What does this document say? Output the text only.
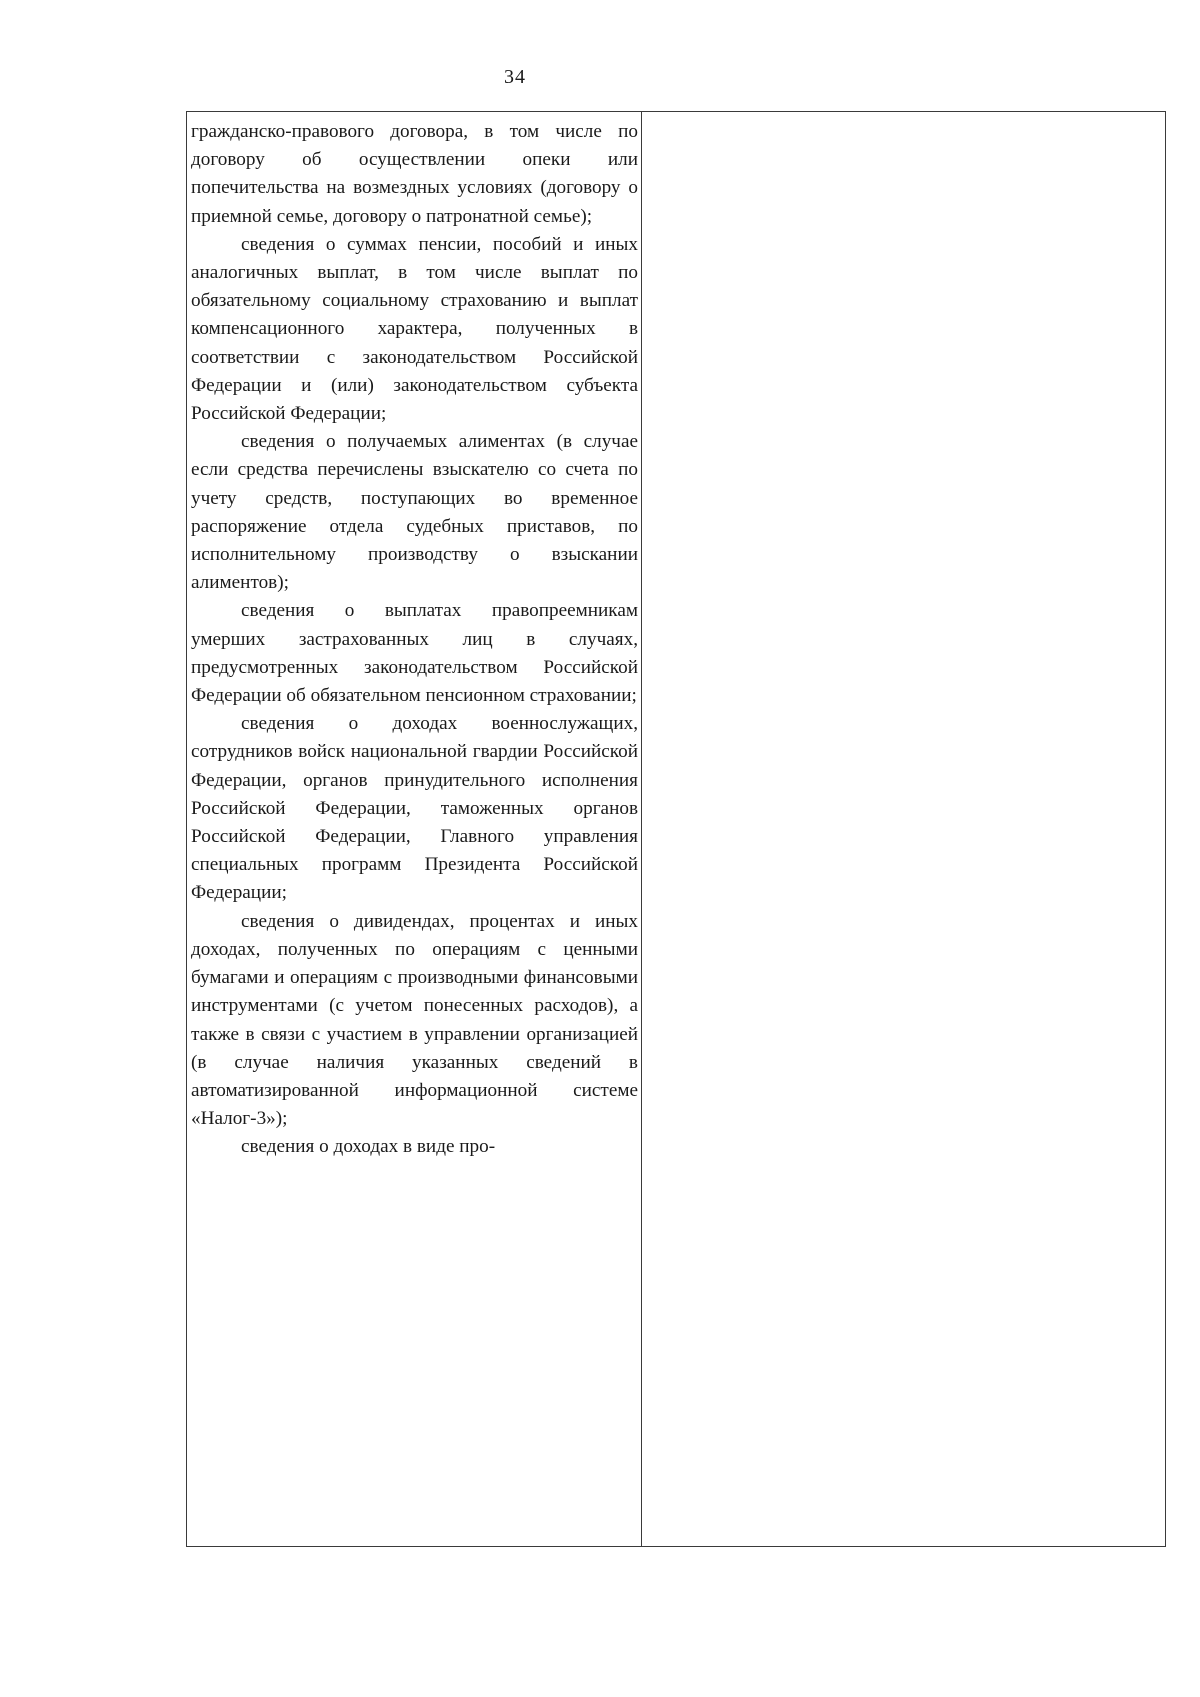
34

гражданско-правового договора, в том числе по договору об осуществлении опеки или попечительства на возмездных условиях (договору о приемной семье, договору о патронатной семье);

сведения о суммах пенсии, пособий и иных аналогичных выплат, в том числе выплат по обязательному социальному страхованию и выплат компенсационного характера, полученных в соответствии с законодательством Российской Федерации и (или) законодательством субъекта Российской Федерации;

сведения о получаемых алиментах (в случае если средства перечислены взыскателю со счета по учету средств, поступающих во временное распоряжение отдела судебных приставов, по исполнительному производству о взыскании алиментов);

сведения о выплатах правопреемникам умерших застрахованных лиц в случаях, предусмотренных законодательством Российской Федерации об обязательном пенсионном страховании;

сведения о доходах военнослужащих, сотрудников войск национальной гвардии Российской Федерации, органов принудительного исполнения Российской Федерации, таможенных органов Российской Федерации, Главного управления специальных программ Президента Российской Федерации;

сведения о дивидендах, процентах и иных доходах, полученных по операциям с ценными бумагами и операциям с производными финансовыми инструментами (с учетом понесенных расходов), а также в связи с участием в управлении организацией (в случае наличия указанных сведений в автоматизированной информационной системе «Налог-3»);

сведения о доходах в виде про-
